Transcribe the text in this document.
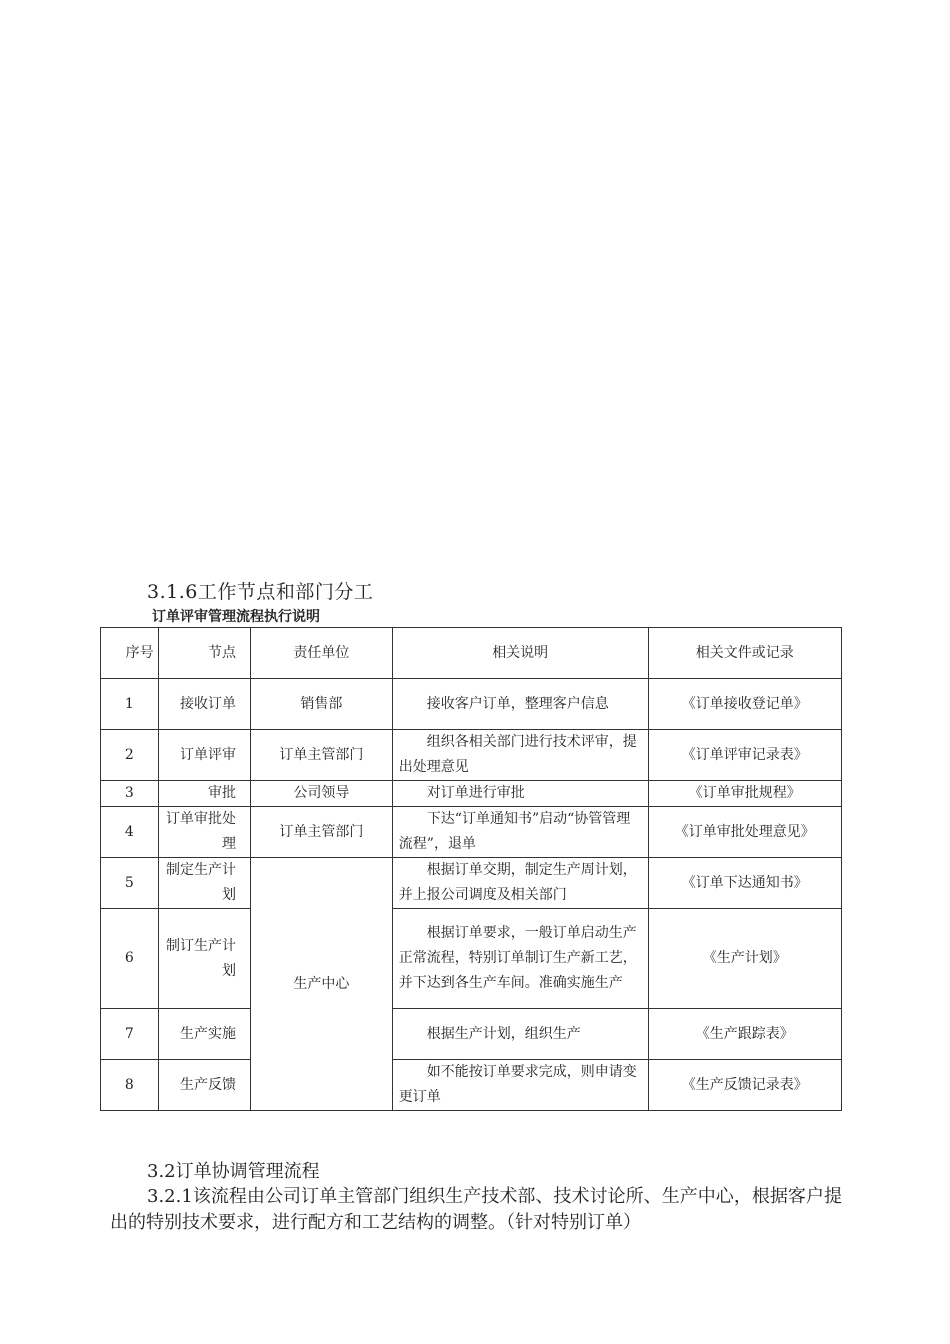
3.1.6工作节点和部门分工
订单评审管理流程执行说明
序号	节点	责任单位	相关说明	相关文件或记录
1	接收订单	销售部	接收客户订单，整理客户信息	《订单接收登记单》
2	订单评审	订单主管部门	组织各相关部门进行技术评审，提出处理意见	《订单评审记录表》
3	审批	公司领导	对订单进行审批	《订单审批规程》
4	订单审批处理	订单主管部门	下达“订单通知书”启动“协管管理流程”，退单	《订单审批处理意见》
5	制定生产计划	生产中心	根据订单交期，制定生产周计划，并上报公司调度及相关部门	《订单下达通知书》
6	制订生产计划		根据订单要求，一般订单启动生产正常流程，特别订单制订生产新工艺，并下达到各生产车间。准确实施生产	《生产计划》
7	生产实施		根据生产计划，组织生产	《生产跟踪表》
8	生产反馈		如不能按订单要求完成，则申请变更订单	《生产反馈记录表》
3.2订单协调管理流程
3.2.1该流程由公司订单主管部门组织生产技术部、技术讨论所、生产中心，根据客户提出的特别技术要求，进行配方和工艺结构的调整。（针对特别订单）
